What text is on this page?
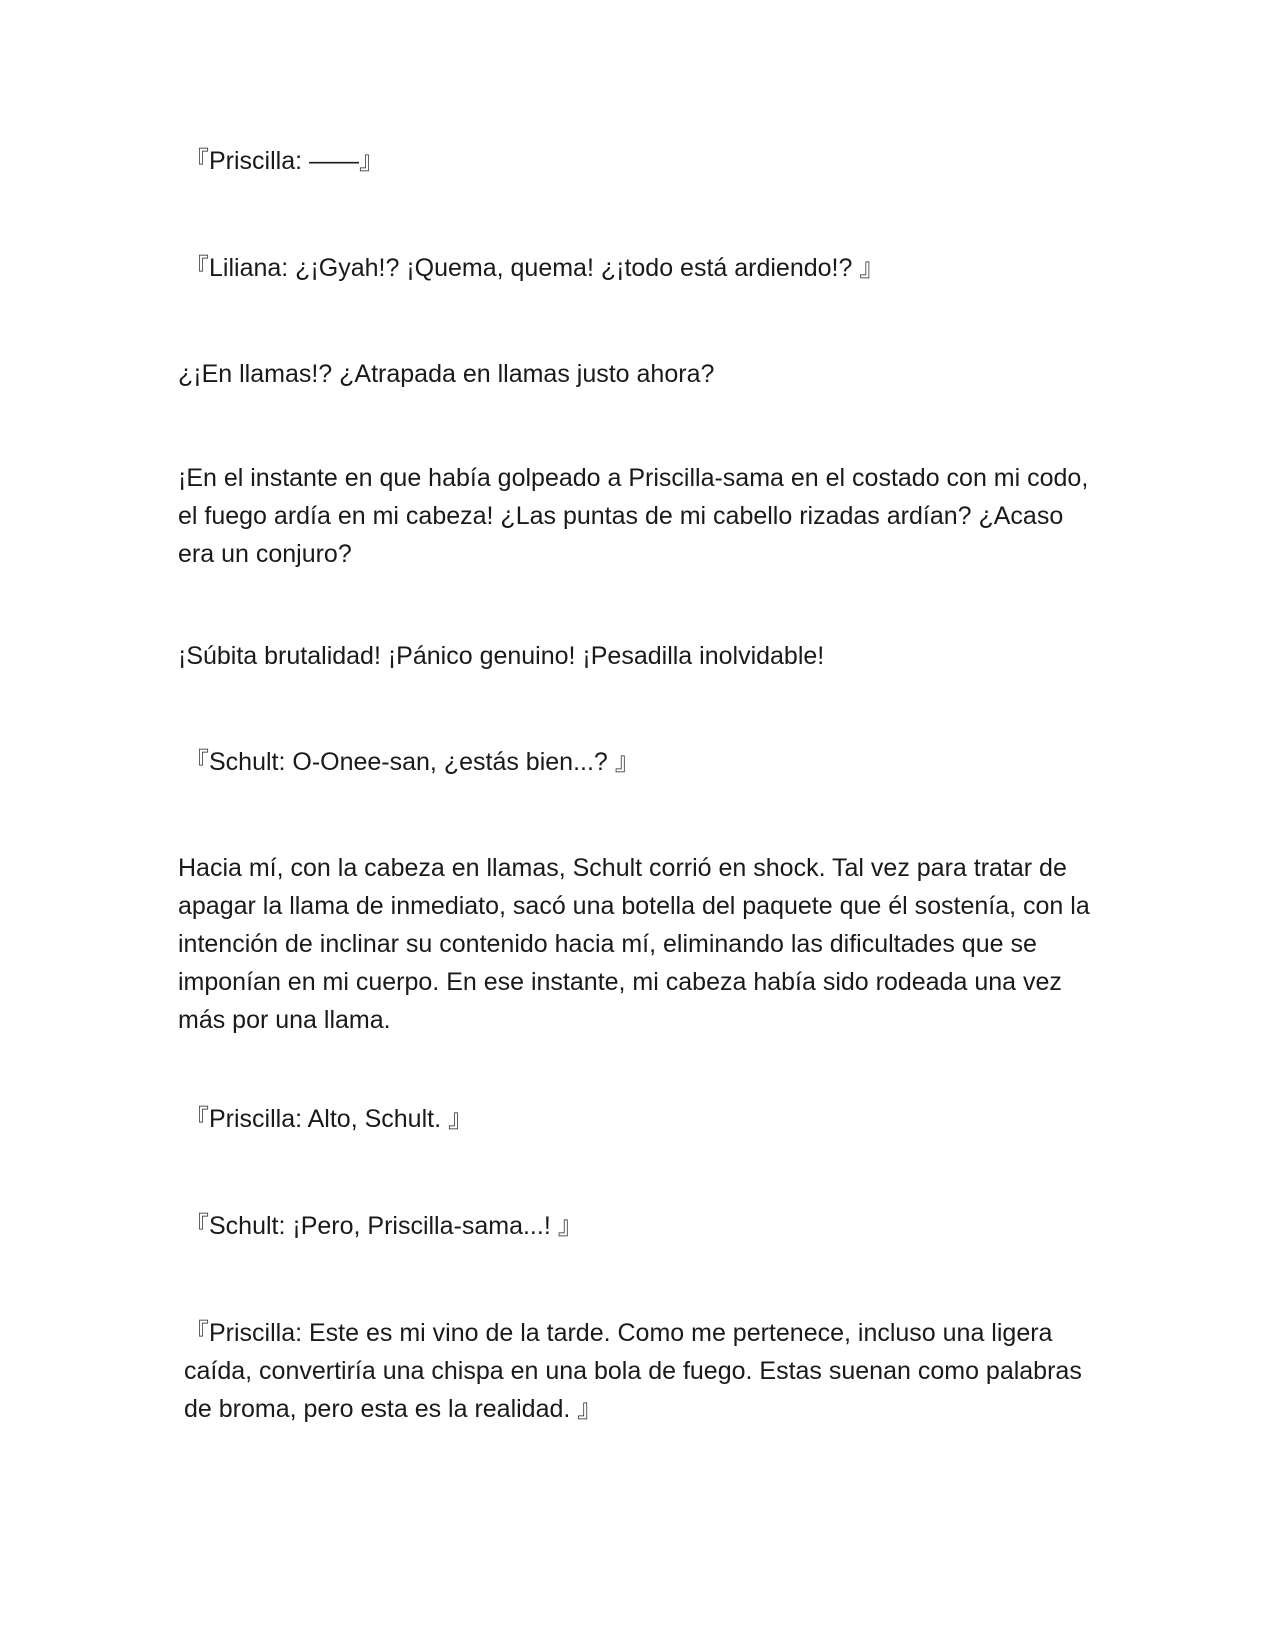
『Priscilla: ——』

『Liliana: ¿¡Gyah!? ¡Quema, quema! ¿¡todo está ardiendo!? 』

¿¡En llamas!? ¿Atrapada en llamas justo ahora?

¡En el instante en que había golpeado a Priscilla-sama en el costado con mi codo, el fuego ardía en mi cabeza! ¿Las puntas de mi cabello rizadas ardían? ¿Acaso era un conjuro?

¡Súbita brutalidad! ¡Pánico genuino! ¡Pesadilla inolvidable!

『Schult: O-Onee-san, ¿estás bien...? 』

Hacia mí, con la cabeza en llamas, Schult corrió en shock. Tal vez para tratar de apagar la llama de inmediato, sacó una botella del paquete que él sostenía, con la intención de inclinar su contenido hacia mí, eliminando las dificultades que se imponían en mi cuerpo. En ese instante, mi cabeza había sido rodeada una vez más por una llama.

『Priscilla: Alto, Schult. 』

『Schult: ¡Pero, Priscilla-sama...! 』

『Priscilla: Este es mi vino de la tarde. Como me pertenece, incluso una ligera caída, convertiría una chispa en una bola de fuego. Estas suenan como palabras de broma, pero esta es la realidad. 』
